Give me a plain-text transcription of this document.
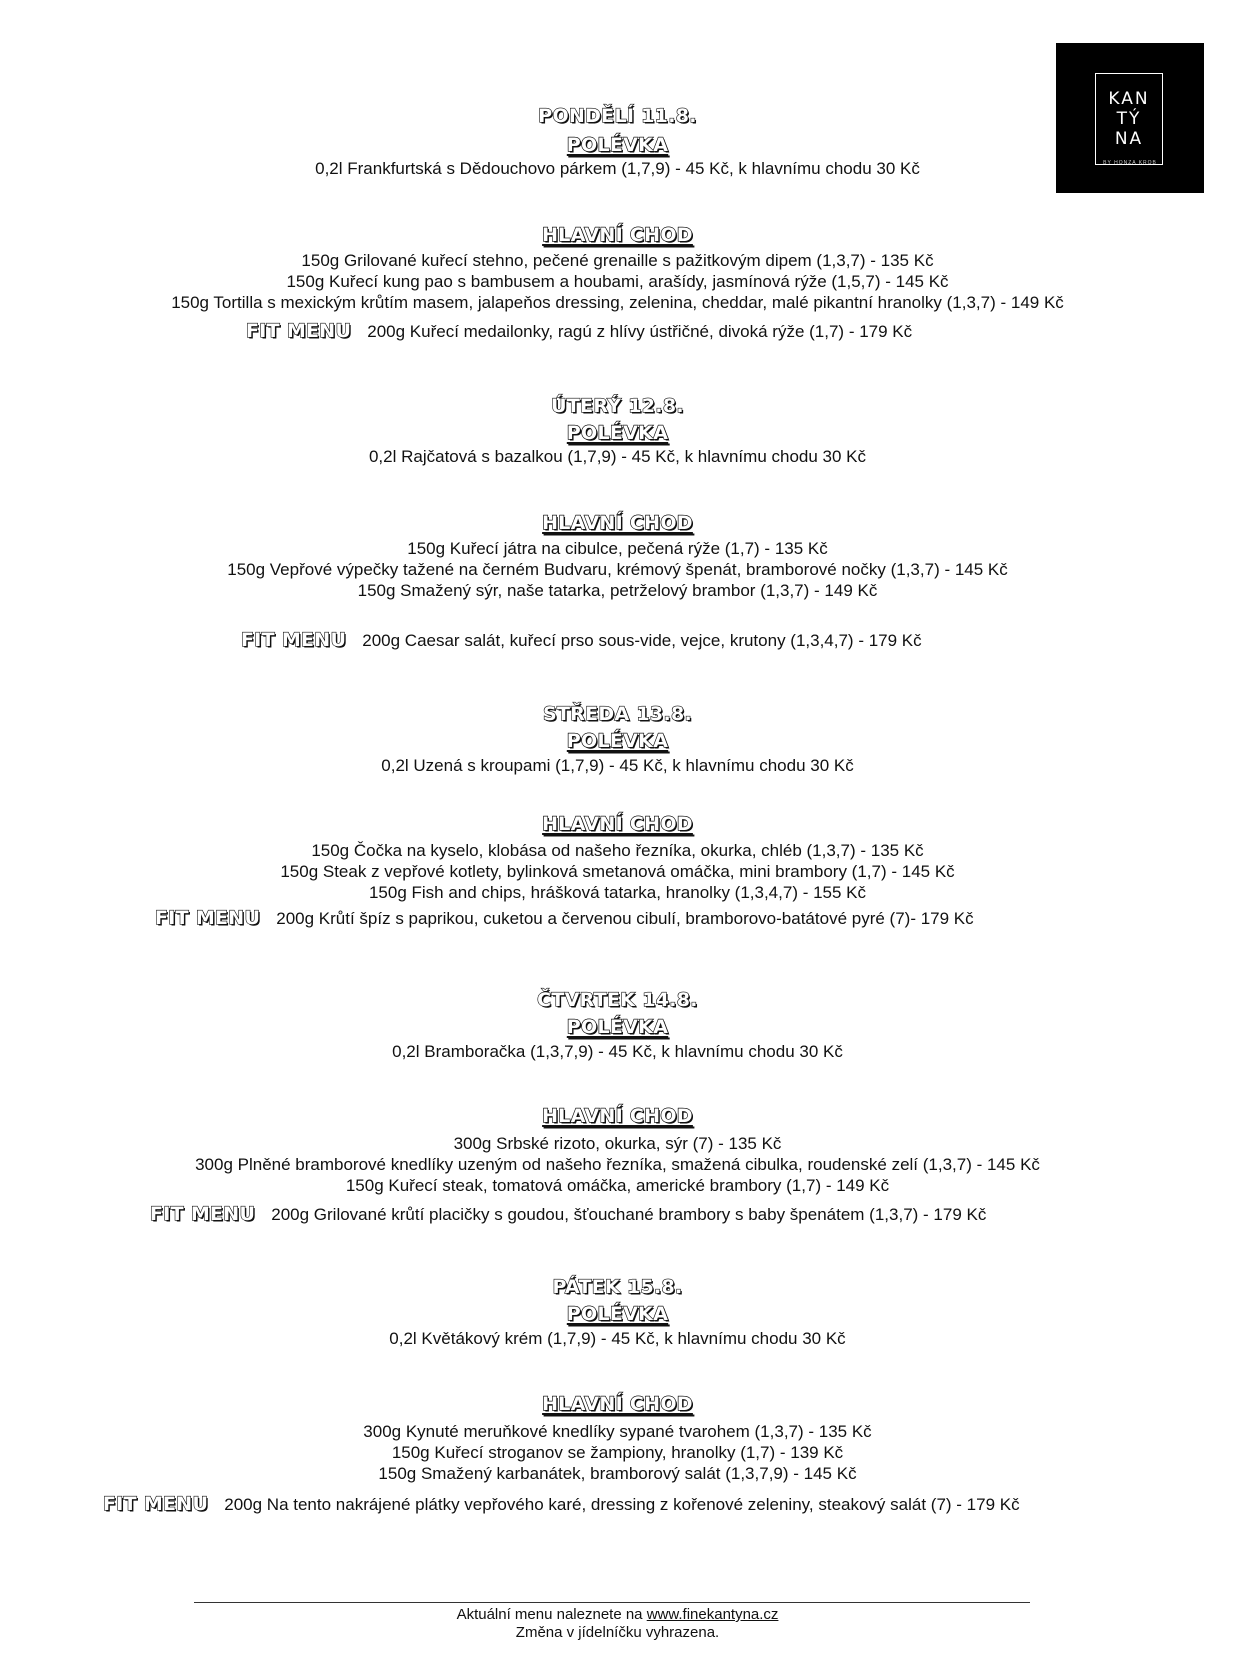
KAN
TÝ
NA
BY HONZA KROB
PONDĚLÍ 11.8.
POLÉVKA
0,2l Frankfurtská s Dědouchovo párkem (1,7,9) - 45 Kč, k hlavnímu chodu 30 Kč
HLAVNÍ CHOD
150g Grilované kuřecí stehno, pečené grenaille s pažitkovým dipem (1,3,7) - 135 Kč
150g Kuřecí kung pao s bambusem a houbami, arašídy, jasmínová rýže (1,5,7) - 145 Kč
150g Tortilla s mexickým krůtím masem, jalapeňos dressing, zelenina, cheddar, malé pikantní hranolky (1,3,7) - 149 Kč
FIT MENU 200g Kuřecí medailonky, ragú z hlívy ústřičné, divoká rýže (1,7) - 179 Kč
ÚTERÝ 12.8.
POLÉVKA
0,2l Rajčatová s bazalkou (1,7,9) - 45 Kč, k hlavnímu chodu 30 Kč
HLAVNÍ CHOD
150g Kuřecí játra na cibulce, pečená rýže (1,7) - 135 Kč
150g Vepřové výpečky tažené na černém Budvaru, krémový špenát, bramborové nočky (1,3,7) - 145 Kč
150g Smažený sýr, naše tatarka, petrželový brambor (1,3,7) - 149 Kč
FIT MENU 200g Caesar salát, kuřecí prso sous-vide, vejce, krutony (1,3,4,7) - 179 Kč
STŘEDA 13.8.
POLÉVKA
0,2l Uzená s kroupami (1,7,9) - 45 Kč, k hlavnímu chodu 30 Kč
HLAVNÍ CHOD
150g Čočka na kyselo, klobása od našeho řezníka, okurka, chléb (1,3,7) - 135 Kč
150g Steak z vepřové kotlety, bylinková smetanová omáčka, mini brambory (1,7) - 145 Kč
150g Fish and chips, hrášková tatarka, hranolky (1,3,4,7) - 155 Kč
FIT MENU 200g Krůtí špíz s paprikou, cuketou a červenou cibulí, bramborovo-batátové pyré (7)- 179 Kč
ČTVRTEK 14.8.
POLÉVKA
0,2l Bramboračka (1,3,7,9) - 45 Kč, k hlavnímu chodu 30 Kč
HLAVNÍ CHOD
300g Srbské rizoto, okurka, sýr (7) - 135 Kč
300g Plněné bramborové knedlíky uzeným od našeho řezníka, smažená cibulka, roudenské zelí (1,3,7) - 145 Kč
150g Kuřecí steak, tomatová omáčka, americké brambory (1,7) - 149 Kč
FIT MENU 200g Grilované krůtí placičky s goudou, šťouchané brambory s baby špenátem (1,3,7) - 179 Kč
PÁTEK 15.8.
POLÉVKA
0,2l Květákový krém (1,7,9) - 45 Kč, k hlavnímu chodu 30 Kč
HLAVNÍ CHOD
300g Kynuté meruňkové knedlíky sypané tvarohem (1,3,7) - 135 Kč
150g Kuřecí stroganov se žampiony, hranolky (1,7) - 139 Kč
150g Smažený karbanátek, bramborový salát (1,3,7,9) - 145 Kč
FIT MENU 200g Na tento nakrájené plátky vepřového karé, dressing z kořenové zeleniny, steakový salát (7) - 179 Kč
Aktuální menu naleznete na www.finekantyna.cz
Změna v jídelníčku vyhrazena.
